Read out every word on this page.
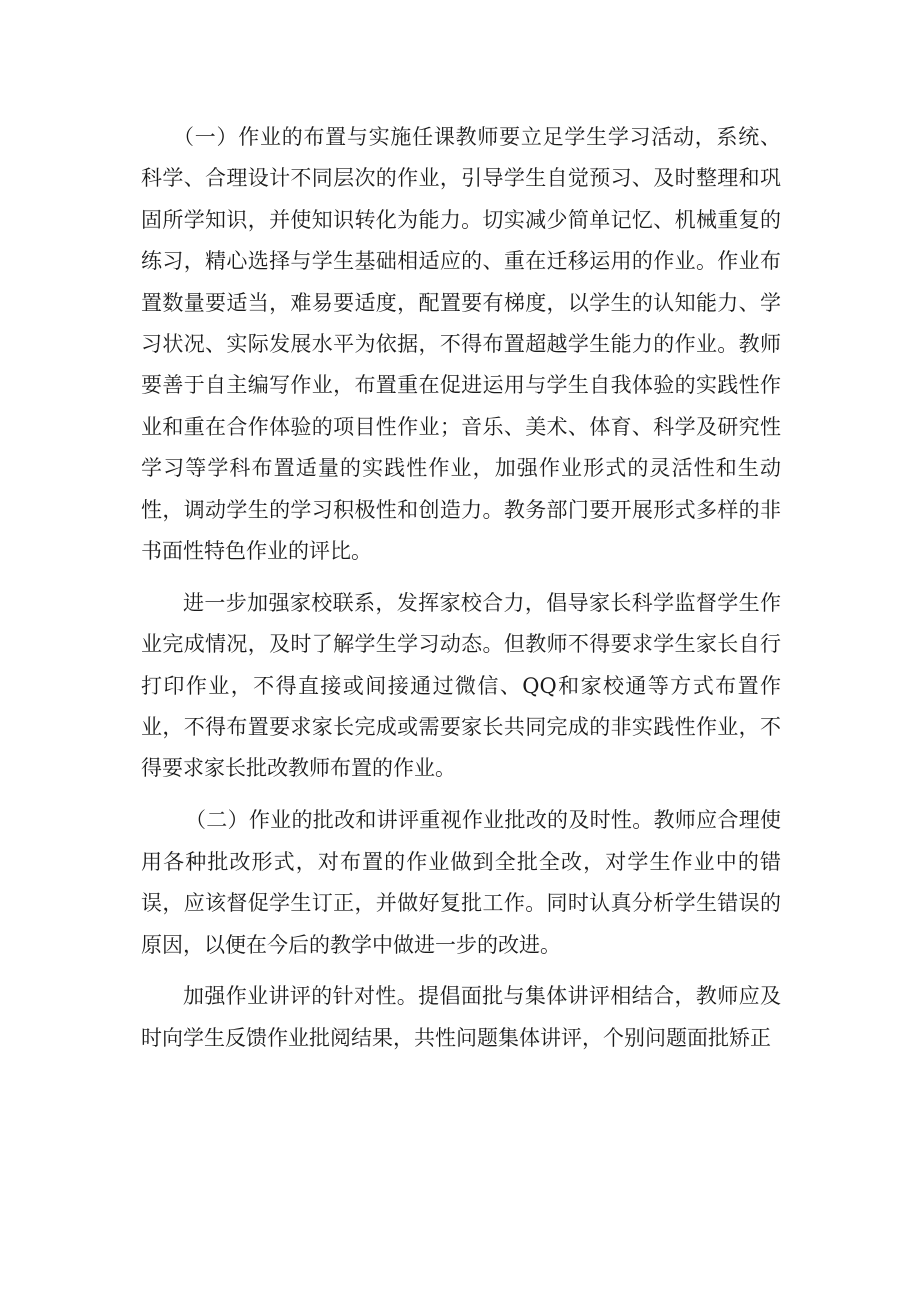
（一）作业的布置与实施任课教师要立足学生学习活动，系统、科学、合理设计不同层次的作业，引导学生自觉预习、及时整理和巩固所学知识，并使知识转化为能力。切实减少简单记忆、机械重复的练习，精心选择与学生基础相适应的、重在迁移运用的作业。作业布置数量要适当，难易要适度，配置要有梯度，以学生的认知能力、学习状况、实际发展水平为依据，不得布置超越学生能力的作业。教师要善于自主编写作业，布置重在促进运用与学生自我体验的实践性作业和重在合作体验的项目性作业；音乐、美术、体育、科学及研究性学习等学科布置适量的实践性作业，加强作业形式的灵活性和生动性，调动学生的学习积极性和创造力。教务部门要开展形式多样的非书面性特色作业的评比。

进一步加强家校联系，发挥家校合力，倡导家长科学监督学生作业完成情况，及时了解学生学习动态。但教师不得要求学生家长自行打印作业，不得直接或间接通过微信、QQ和家校通等方式布置作业，不得布置要求家长完成或需要家长共同完成的非实践性作业，不得要求家长批改教师布置的作业。

（二）作业的批改和讲评重视作业批改的及时性。教师应合理使用各种批改形式，对布置的作业做到全批全改，对学生作业中的错误，应该督促学生订正，并做好复批工作。同时认真分析学生错误的原因，以便在今后的教学中做进一步的改进。

加强作业讲评的针对性。提倡面批与集体讲评相结合，教师应及时向学生反馈作业批阅结果，共性问题集体讲评，个别问题面批矫正
